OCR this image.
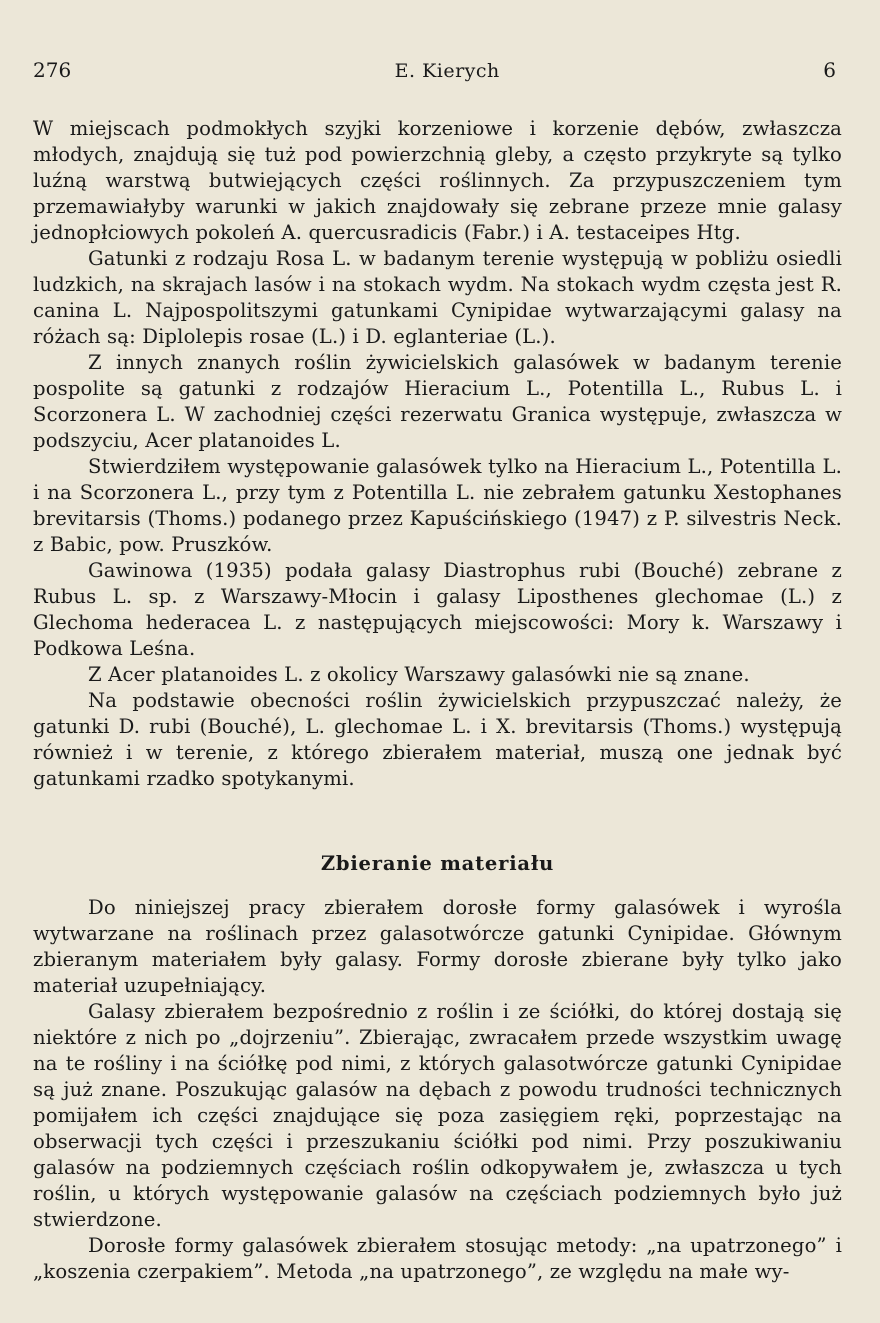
276	E. Kierych	6

W miejscach podmokłych szyjki korzeniowe i korzenie dębów, zwłaszcza młodych, znajdują się tuż pod powierzchnią gleby, a często przykryte są tylko luźną warstwą butwiejących części roślinnych. Za przypuszczeniem tym przemawiałyby warunki w jakich znajdowały się zebrane przeze mnie galasy jednopłciowych pokoleń A. quercusradicis (Fabr.) i A. testaceipes Htg.

Gatunki z rodzaju Rosa L. w badanym terenie występują w pobliżu osiedli ludzkich, na skrajach lasów i na stokach wydm. Na stokach wydm częsta jest R. canina L. Najpospolitszymi gatunkami Cynipidae wytwarzającymi galasy na różach są: Diplolepis rosae (L.) i D. eglanteriae (L.).

Z innych znanych roślin żywicielskich galasówek w badanym terenie pospolite są gatunki z rodzajów Hieracium L., Potentilla L., Rubus L. i Scorzonera L. W zachodniej części rezerwatu Granica występuje, zwłaszcza w podszyciu, Acer platanoides L.

Stwierdziłem występowanie galasówek tylko na Hieracium L., Potentilla L. i na Scorzonera L., przy tym z Potentilla L. nie zebrałem gatunku Xestophanes brevitarsis (Thoms.) podanego przez Kapuścińskiego (1947) z P. silvestris Neck. z Babic, pow. Pruszków.

Gawinowa (1935) podała galasy Diastrophus rubi (Bouché) zebrane z Rubus L. sp. z Warszawy-Młocin i galasy Liposthenes glechomae (L.) z Glechoma hederacea L. z następujących miejscowości: Mory k. Warszawy i Podkowa Leśna.

Z Acer platanoides L. z okolicy Warszawy galasówki nie są znane.

Na podstawie obecności roślin żywicielskich przypuszczać należy, że gatunki D. rubi (Bouché), L. glechomae L. i X. brevitarsis (Thoms.) występują również i w terenie, z którego zbierałem materiał, muszą one jednak być gatunkami rzadko spotykanymi.

Zbieranie materiału

Do niniejszej pracy zbierałem dorosłe formy galasówek i wyrośla wytwarzane na roślinach przez galasotwórcze gatunki Cynipidae. Głównym zbieranym materiałem były galasy. Formy dorosłe zbierane były tylko jako materiał uzupełniający.

Galasy zbierałem bezpośrednio z roślin i ze ściółki, do której dostają się niektóre z nich po „dojrzeniu”. Zbierając, zwracałem przede wszystkim uwagę na te rośliny i na ściółkę pod nimi, z których galasotwórcze gatunki Cynipidae są już znane. Poszukując galasów na dębach z powodu trudności technicznych pomijałem ich części znajdujące się poza zasięgiem ręki, poprzestając na obserwacji tych części i przeszukaniu ściółki pod nimi. Przy poszukiwaniu galasów na podziemnych częściach roślin odkopywałem je, zwłaszcza u tych roślin, u których występowanie galasów na częściach podziemnych było już stwierdzone.

Dorosłe formy galasówek zbierałem stosując metody: „na upatrzonego” i „koszenia czerpakiem”. Metoda „na upatrzonego”, ze względu na małe wy-
